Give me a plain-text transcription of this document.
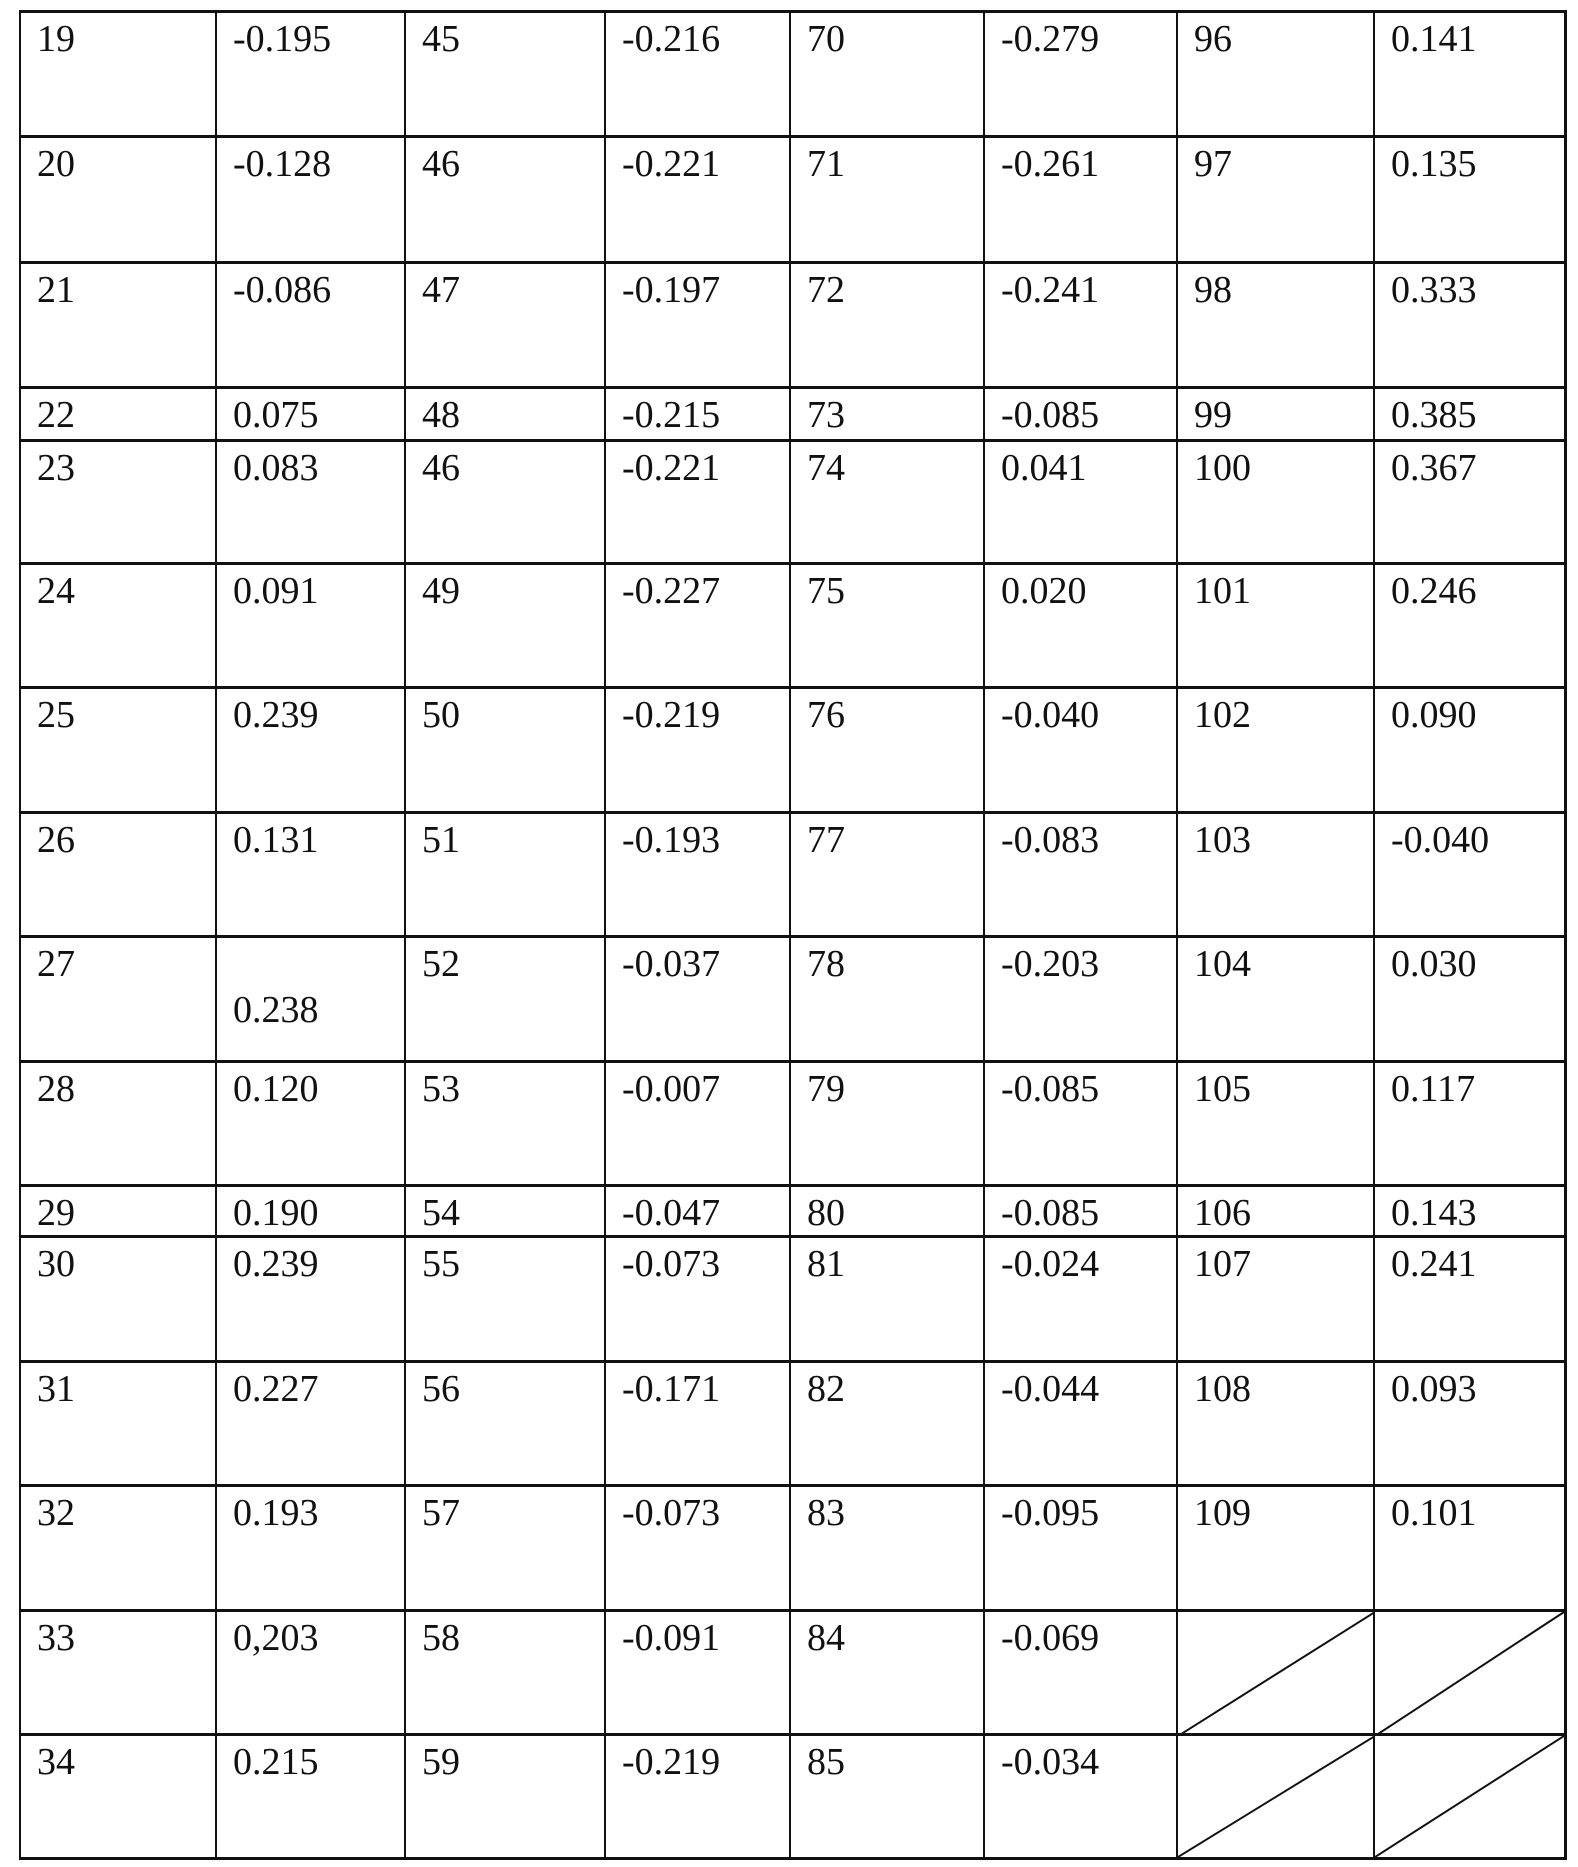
19	-0.195	45	-0.216	70	-0.279	96	0.141
20	-0.128	46	-0.221	71	-0.261	97	0.135
21	-0.086	47	-0.197	72	-0.241	98	0.333
22	0.075	48	-0.215	73	-0.085	99	0.385
23	0.083	46	-0.221	74	0.041	100	0.367
24	0.091	49	-0.227	75	0.020	101	0.246
25	0.239	50	-0.219	76	-0.040	102	0.090
26	0.131	51	-0.193	77	-0.083	103	-0.040
27
0.238
52	-0.037	78	-0.203	104	0.030
28	0.120	53	-0.007	79	-0.085	105	0.117
29	0.190	54	-0.047	80	-0.085	106	0.143
30	0.239	55	-0.073	81	-0.024	107	0.241
31	0.227	56	-0.171	82	-0.044	108	0.093
32	0.193	57	-0.073	83	-0.095	109	0.101
33	0,203	58	-0.091	84	-0.069
34	0.215	59	-0.219	85	-0.034
